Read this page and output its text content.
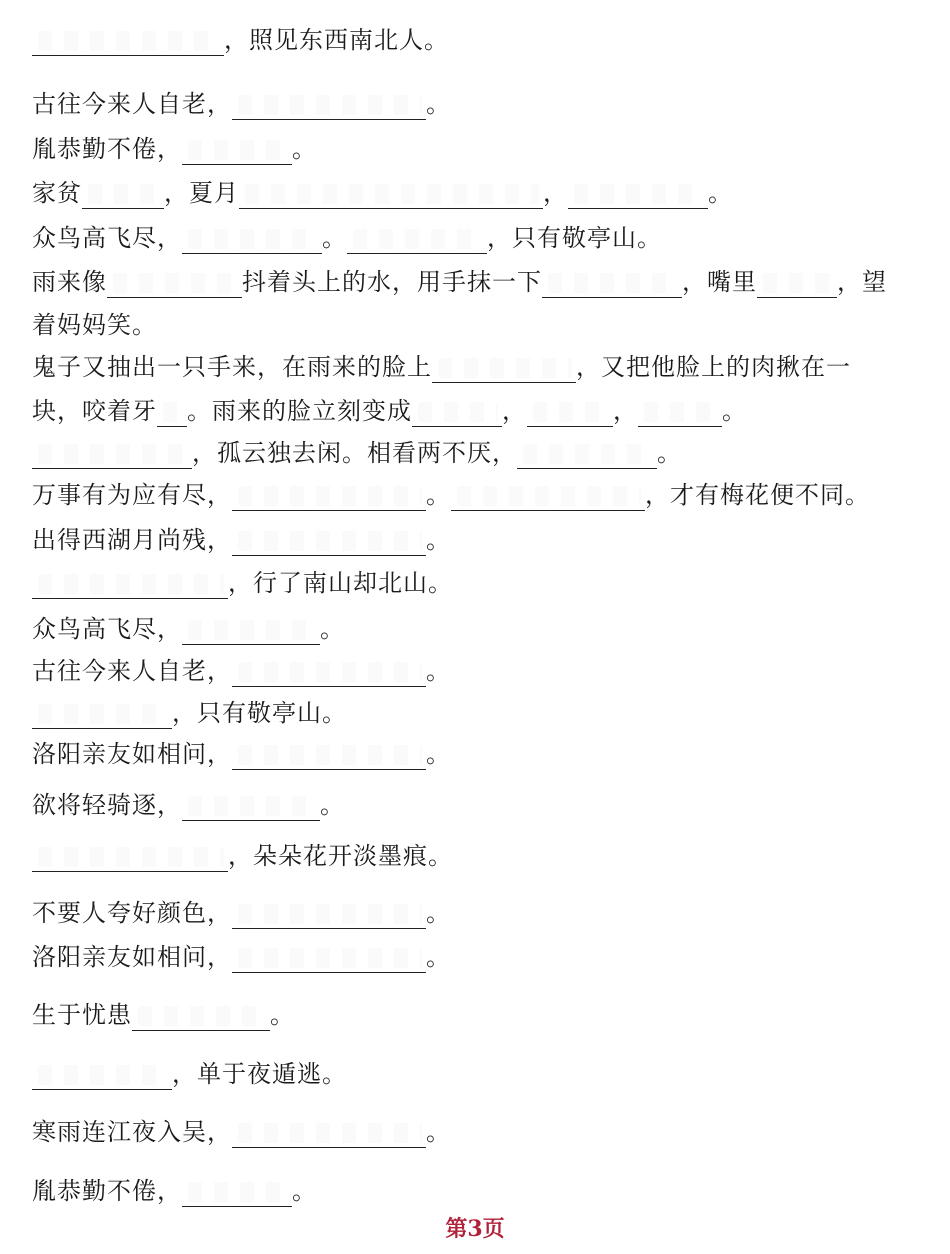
，照见东西南北人。
古往今来人自老，	。
胤恭勤不倦，	。
家贫	，夏月	，	。
众鸟高飞尽，	。	，只有敬亭山。
雨来像	抖着头上的水，用手抹一下	，嘴里	，望
着妈妈笑。
鬼子又抽出一只手来，在雨来的脸上	，又把他脸上的肉揪在一
块，咬着牙 。雨来的脸立刻变成	，	，	。
，孤云独去闲。相看两不厌，	。
万事有为应有尽，	。	，才有梅花便不同。
出得西湖月尚残，	。
，行了南山却北山。
众鸟高飞尽，	。
古往今来人自老，	。
，只有敬亭山。
洛阳亲友如相问，	。
欲将轻骑逐，	。
，朵朵花开淡墨痕。
不要人夸好颜色，	。
洛阳亲友如相问，	。
生于忧患	。
，单于夜遁逃。
寒雨连江夜入吴，	。
胤恭勤不倦，	。
第3页
